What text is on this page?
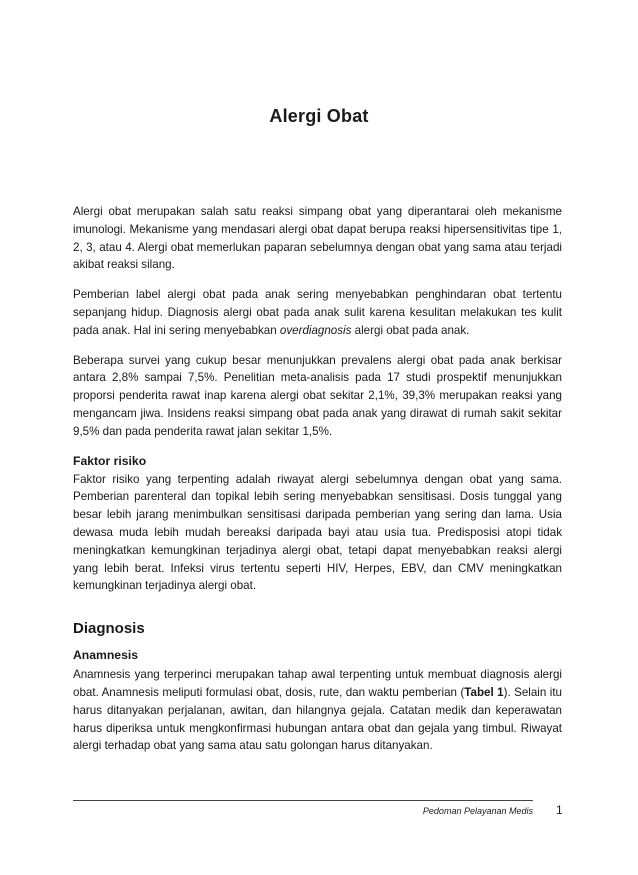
Alergi Obat

Alergi obat merupakan salah satu reaksi simpang obat yang diperantarai oleh mekanisme imunologi. Mekanisme yang mendasari alergi obat dapat berupa reaksi hipersensitivitas tipe 1, 2, 3, atau 4. Alergi obat memerlukan paparan sebelumnya dengan obat yang sama atau terjadi akibat reaksi silang.

Pemberian label alergi obat pada anak sering menyebabkan penghindaran obat tertentu sepanjang hidup. Diagnosis alergi obat pada anak sulit karena kesulitan melakukan tes kulit pada anak. Hal ini sering menyebabkan overdiagnosis alergi obat pada anak.

Beberapa survei yang cukup besar menunjukkan prevalens alergi obat pada anak berkisar antara 2,8% sampai 7,5%. Penelitian meta-analisis pada 17 studi prospektif menunjukkan proporsi penderita rawat inap karena alergi obat sekitar 2,1%, 39,3% merupakan reaksi yang mengancam jiwa. Insidens reaksi simpang obat pada anak yang dirawat di rumah sakit sekitar 9,5% dan pada penderita rawat jalan sekitar 1,5%.

Faktor risiko

Faktor risiko yang terpenting adalah riwayat alergi sebelumnya dengan obat yang sama. Pemberian parenteral dan topikal lebih sering menyebabkan sensitisasi. Dosis tunggal yang besar lebih jarang menimbulkan sensitisasi daripada pemberian yang sering dan lama. Usia dewasa muda lebih mudah bereaksi daripada bayi atau usia tua. Predisposisi atopi tidak meningkatkan kemungkinan terjadinya alergi obat, tetapi dapat menyebabkan reaksi alergi yang lebih berat. Infeksi virus tertentu seperti HIV, Herpes, EBV, dan CMV meningkatkan kemungkinan terjadinya alergi obat.

Diagnosis
Anamnesis

Anamnesis yang terperinci merupakan tahap awal terpenting untuk membuat diagnosis alergi obat. Anamnesis meliputi formulasi obat, dosis, rute, dan waktu pemberian (Tabel 1). Selain itu harus ditanyakan perjalanan, awitan, dan hilangnya gejala. Catatan medik dan keperawatan harus diperiksa untuk mengkonfirmasi hubungan antara obat dan gejala yang timbul. Riwayat alergi terhadap obat yang sama atau satu golongan harus ditanyakan.

Pedoman Pelayanan Medis 1
